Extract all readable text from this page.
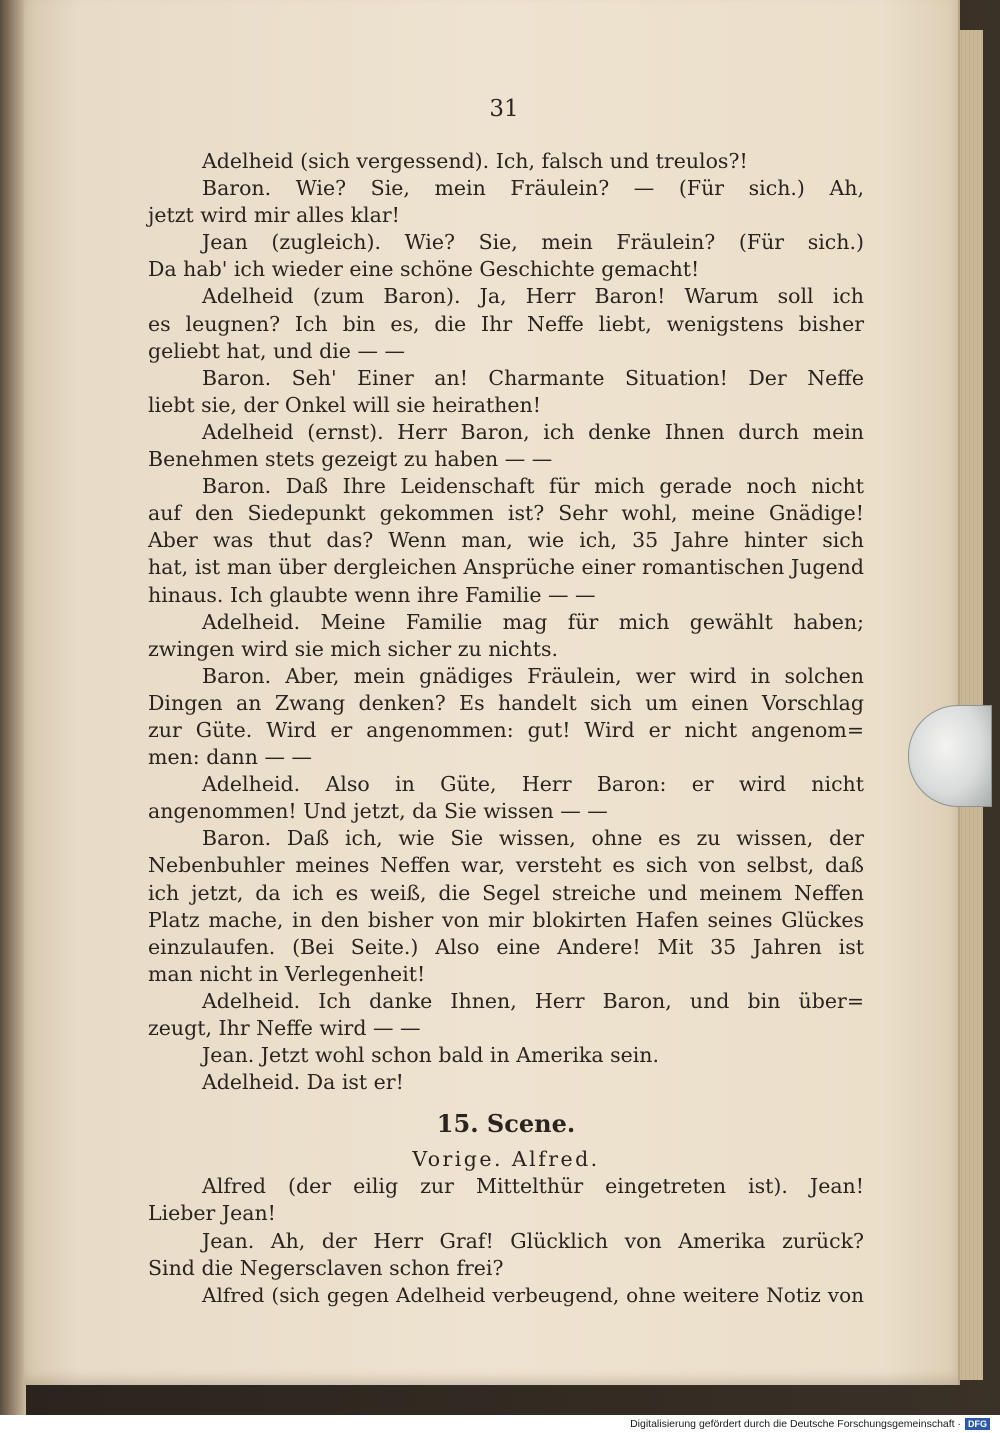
31
Adelheid (sich vergessend). Ich, falsch und treulos?!
Baron. Wie? Sie, mein Fräulein? — (Für sich.) Ah,
jetzt wird mir alles klar!
Jean (zugleich). Wie? Sie, mein Fräulein? (Für sich.)
Da hab' ich wieder eine schöne Geschichte gemacht!
Adelheid (zum Baron). Ja, Herr Baron! Warum soll ich
es leugnen? Ich bin es, die Ihr Neffe liebt, wenigstens bisher
geliebt hat, und die — —
Baron. Seh' Einer an! Charmante Situation! Der Neffe
liebt sie, der Onkel will sie heirathen!
Adelheid (ernst). Herr Baron, ich denke Ihnen durch mein
Benehmen stets gezeigt zu haben — —
Baron. Daß Ihre Leidenschaft für mich gerade noch nicht
auf den Siedepunkt gekommen ist? Sehr wohl, meine Gnädige!
Aber was thut das? Wenn man, wie ich, 35 Jahre hinter sich
hat, ist man über dergleichen Ansprüche einer romantischen Jugend
hinaus. Ich glaubte wenn ihre Familie — —
Adelheid. Meine Familie mag für mich gewählt haben;
zwingen wird sie mich sicher zu nichts.
Baron. Aber, mein gnädiges Fräulein, wer wird in solchen
Dingen an Zwang denken? Es handelt sich um einen Vorschlag
zur Güte. Wird er angenommen: gut! Wird er nicht angenom=
men: dann — —
Adelheid. Also in Güte, Herr Baron: er wird nicht
angenommen! Und jetzt, da Sie wissen — —
Baron. Daß ich, wie Sie wissen, ohne es zu wissen, der
Nebenbuhler meines Neffen war, versteht es sich von selbst, daß
ich jetzt, da ich es weiß, die Segel streiche und meinem Neffen
Platz mache, in den bisher von mir blokirten Hafen seines Glückes
einzulaufen. (Bei Seite.) Also eine Andere! Mit 35 Jahren ist
man nicht in Verlegenheit!
Adelheid. Ich danke Ihnen, Herr Baron, und bin über=
zeugt, Ihr Neffe wird — —
Jean. Jetzt wohl schon bald in Amerika sein.
Adelheid. Da ist er!
15. Scene.
Vorige. Alfred.
Alfred (der eilig zur Mittelthür eingetreten ist). Jean!
Lieber Jean!
Jean. Ah, der Herr Graf! Glücklich von Amerika zurück?
Sind die Negersclaven schon frei?
Alfred (sich gegen Adelheid verbeugend, ohne weitere Notiz von
Digitalisierung gefördert durch die Deutsche Forschungsgemeinschaft · DFG
